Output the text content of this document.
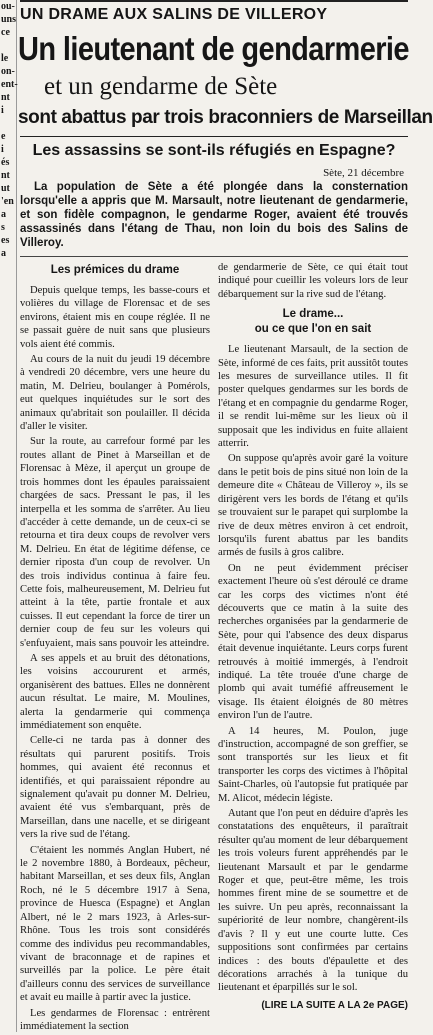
ou-
uns
ce

le
on-
ent-
nt
i

e
i
és
nt
ut
'en
a
s
es
a
UN DRAME AUX SALINS DE VILLEROY
Un lieutenant de gendarmerie
et un gendarme de Sète
sont abattus par trois braconniers de Marseillan
Les assassins se sont-ils réfugiés en Espagne?
Sète, 21 décembre

La population de Sète a été plongée dans la consternation lorsqu'elle a appris que M. Marsault, notre lieutenant de gendarmerie, et son fidèle compagnon, le gendarme Roger, avaient été trouvés assassinés dans l'étang de Thau, non loin du bois des Salins de Villeroy.

Les prémices du drame

Depuis quelque temps, les basse-cours et volières du village de Florensac et de ses environs, étaient mis en coupe réglée. Il ne se passait guère de nuit sans que plusieurs vols aient été commis.

Au cours de la nuit du jeudi 19 décembre à vendredi 20 décembre, vers une heure du matin, M. Delrieu, boulanger à Pomérols, eut quelques inquiétudes sur le sort des animaux qu'abritait son poulailler. Il décida d'aller le visiter.

Sur la route, au carrefour formé par les routes allant de Pinet à Marseillan et de Florensac à Mèze, il aperçut un groupe de trois hommes dont les épaules paraissaient chargées de sacs. Pressant le pas, il les interpella et les somma de s'arrêter. Au lieu d'accéder à cette demande, un de ceux-ci se retourna et tira deux coups de revolver vers M. Delrieu. En état de légitime défense, ce dernier riposta d'un coup de revolver. Un des trois individus continua à faire feu. Cette fois, malheureusement, M. Delrieu fut atteint à la tête, partie frontale et aux cuisses. Il eut cependant la force de tirer un dernier coup de feu sur les voleurs qui s'enfuyaient, mais sans pouvoir les atteindre.

A ses appels et au bruit des détonations, les voisins accoururent et armés, organisèrent des battues. Elles ne donnèrent aucun résultat. Le maire, M. Moulines, alerta la gendarmerie qui commença immédiatement son enquête.

Celle-ci ne tarda pas à donner des résultats qui parurent positifs. Trois hommes, qui avaient été reconnus et identifiés, et qui paraissaient répondre au signalement qu'avait pu donner M. Delrieu, avaient été vus s'embarquant, près de Marseillan, dans une nacelle, et se dirigeant vers la rive sud de l'étang.

C'étaient les nommés Anglan Hubert, né le 2 novembre 1880, à Bordeaux, pêcheur, habitant Marseillan, et ses deux fils, Anglan Roch, né le 5 décembre 1917 à Sena, province de Huesca (Espagne) et Anglan Albert, né le 2 mars 1923, à Arles-sur-Rhône. Tous les trois sont considérés comme des individus peu recommandables, vivant de braconnage et de rapines et surveillés par la police. Le père était d'ailleurs connu des services de surveillance et avait eu maille à partir avec la justice.

Les gendarmes de Florensac : entrèrent immédiatement la section

de gendarmerie de Sète, ce qui était tout indiqué pour cueillir les voleurs lors de leur débarquement sur la rive sud de l'étang.

Le drame...
ou ce que l'on en sait

Le lieutenant Marsault, de la section de Sète, informé de ces faits, prit aussitôt toutes les mesures de surveillance utiles. Il fit poster quelques gendarmes sur les bords de l'étang et en compagnie du gendarme Roger, il se rendit lui-même sur les lieux où il supposait que les individus en fuite allaient atterrir.

On suppose qu'après avoir garé la voiture dans le petit bois de pins situé non loin de la demeure dite « Château de Villeroy », ils se dirigèrent vers les bords de l'étang et qu'ils se trouvaient sur le parapet qui surplombe la rive de deux mètres environ à cet endroit, lorsqu'ils furent abattus par les bandits armés de fusils à gros calibre.

On ne peut évidemment préciser exactement l'heure où s'est déroulé ce drame car les corps des victimes n'ont été découverts que ce matin à la suite des recherches organisées par la gendarmerie de Sète, pour qui l'absence des deux disparus était devenue inquiétante. Leurs corps furent retrouvés à moitié immergés, à l'endroit indiqué. La tête trouée d'une charge de plomb qui avait tuméfié affreusement le visage. Ils étaient éloignés de 80 mètres environ l'un de l'autre.

A 14 heures, M. Poulon, juge d'instruction, accompagné de son greffier, se sont transportés sur les lieux et fit transporter les corps des victimes à l'hôpital Saint-Charles, où l'autopsie fut pratiquée par M. Alicot, médecin légiste.

Autant que l'on peut en déduire d'après les constatations des enquêteurs, il paraîtrait résulter qu'au moment de leur débarquement les trois voleurs furent appréhendés par le lieutenant Marsault et par le gendarme Roger et que, peut-être même, les trois hommes firent mine de se soumettre et de les suivre. Un peu après, reconnaissant la supériorité de leur nombre, changèrent-ils d'avis ? Il y eut une courte lutte. Ces suppositions sont confirmées par certains indices : des bouts d'épaulette et des décorations arrachés à la tunique du lieutenant et éparpillés sur le sol.

(LIRE LA SUITE A LA 2e PAGE)
